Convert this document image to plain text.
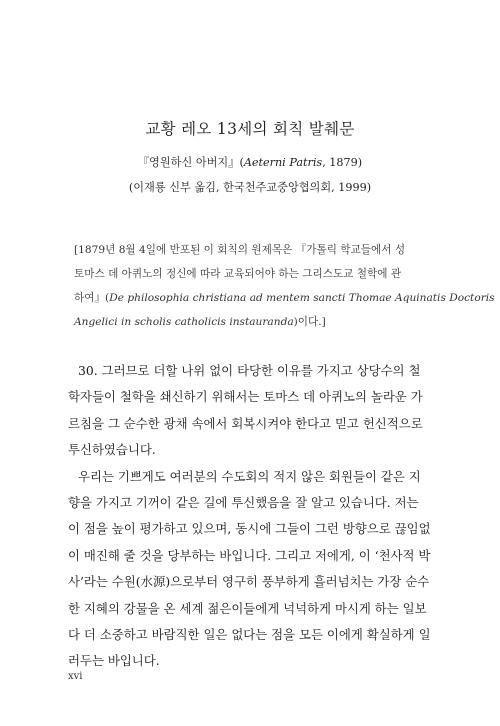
교황 레오 13세의 회칙 발췌문

『영원하신 아버지』(Aeterni Patris, 1879)

(이재룡 신부 옮김, 한국천주교중앙협의회, 1999)

[1879년 8월 4일에 반포된 이 회칙의 원제목은 『가톨릭 학교들에서 성
토마스 데 아퀴노의 정신에 따라 교육되어야 하는 그리스도교 철학에 관
하여』(De philosophia christiana ad mentem sancti Thomae Aquinatis Doctoris
Angelici in scholis catholicis instauranda)이다.]
30. 그러므로 더할 나위 없이 타당한 이유를 가지고 상당수의 철
학자들이 철학을 쇄신하기 위해서는 토마스 데 아퀴노의 놀라운 가
르침을 그 순수한 광채 속에서 회복시켜야 한다고 믿고 헌신적으로
투신하였습니다.
우리는 기쁘게도 여러분의 수도회의 적지 않은 회원들이 같은 지
향을 가지고 기꺼이 같은 길에 투신했음을 잘 알고 있습니다. 저는
이 점을 높이 평가하고 있으며, 동시에 그들이 그런 방향으로 끊임없
이 매진해 줄 것을 당부하는 바입니다. 그리고 저에게, 이 ‘천사적 박
사’라는 수원(水源)으로부터 영구히 풍부하게 흘러넘치는 가장 순수
한 지혜의 강물을 온 세계 젊은이들에게 넉넉하게 마시게 하는 일보
다 더 소중하고 바람직한 일은 없다는 점을 모든 이에게 확실하게 일
러두는 바입니다.
xvi
